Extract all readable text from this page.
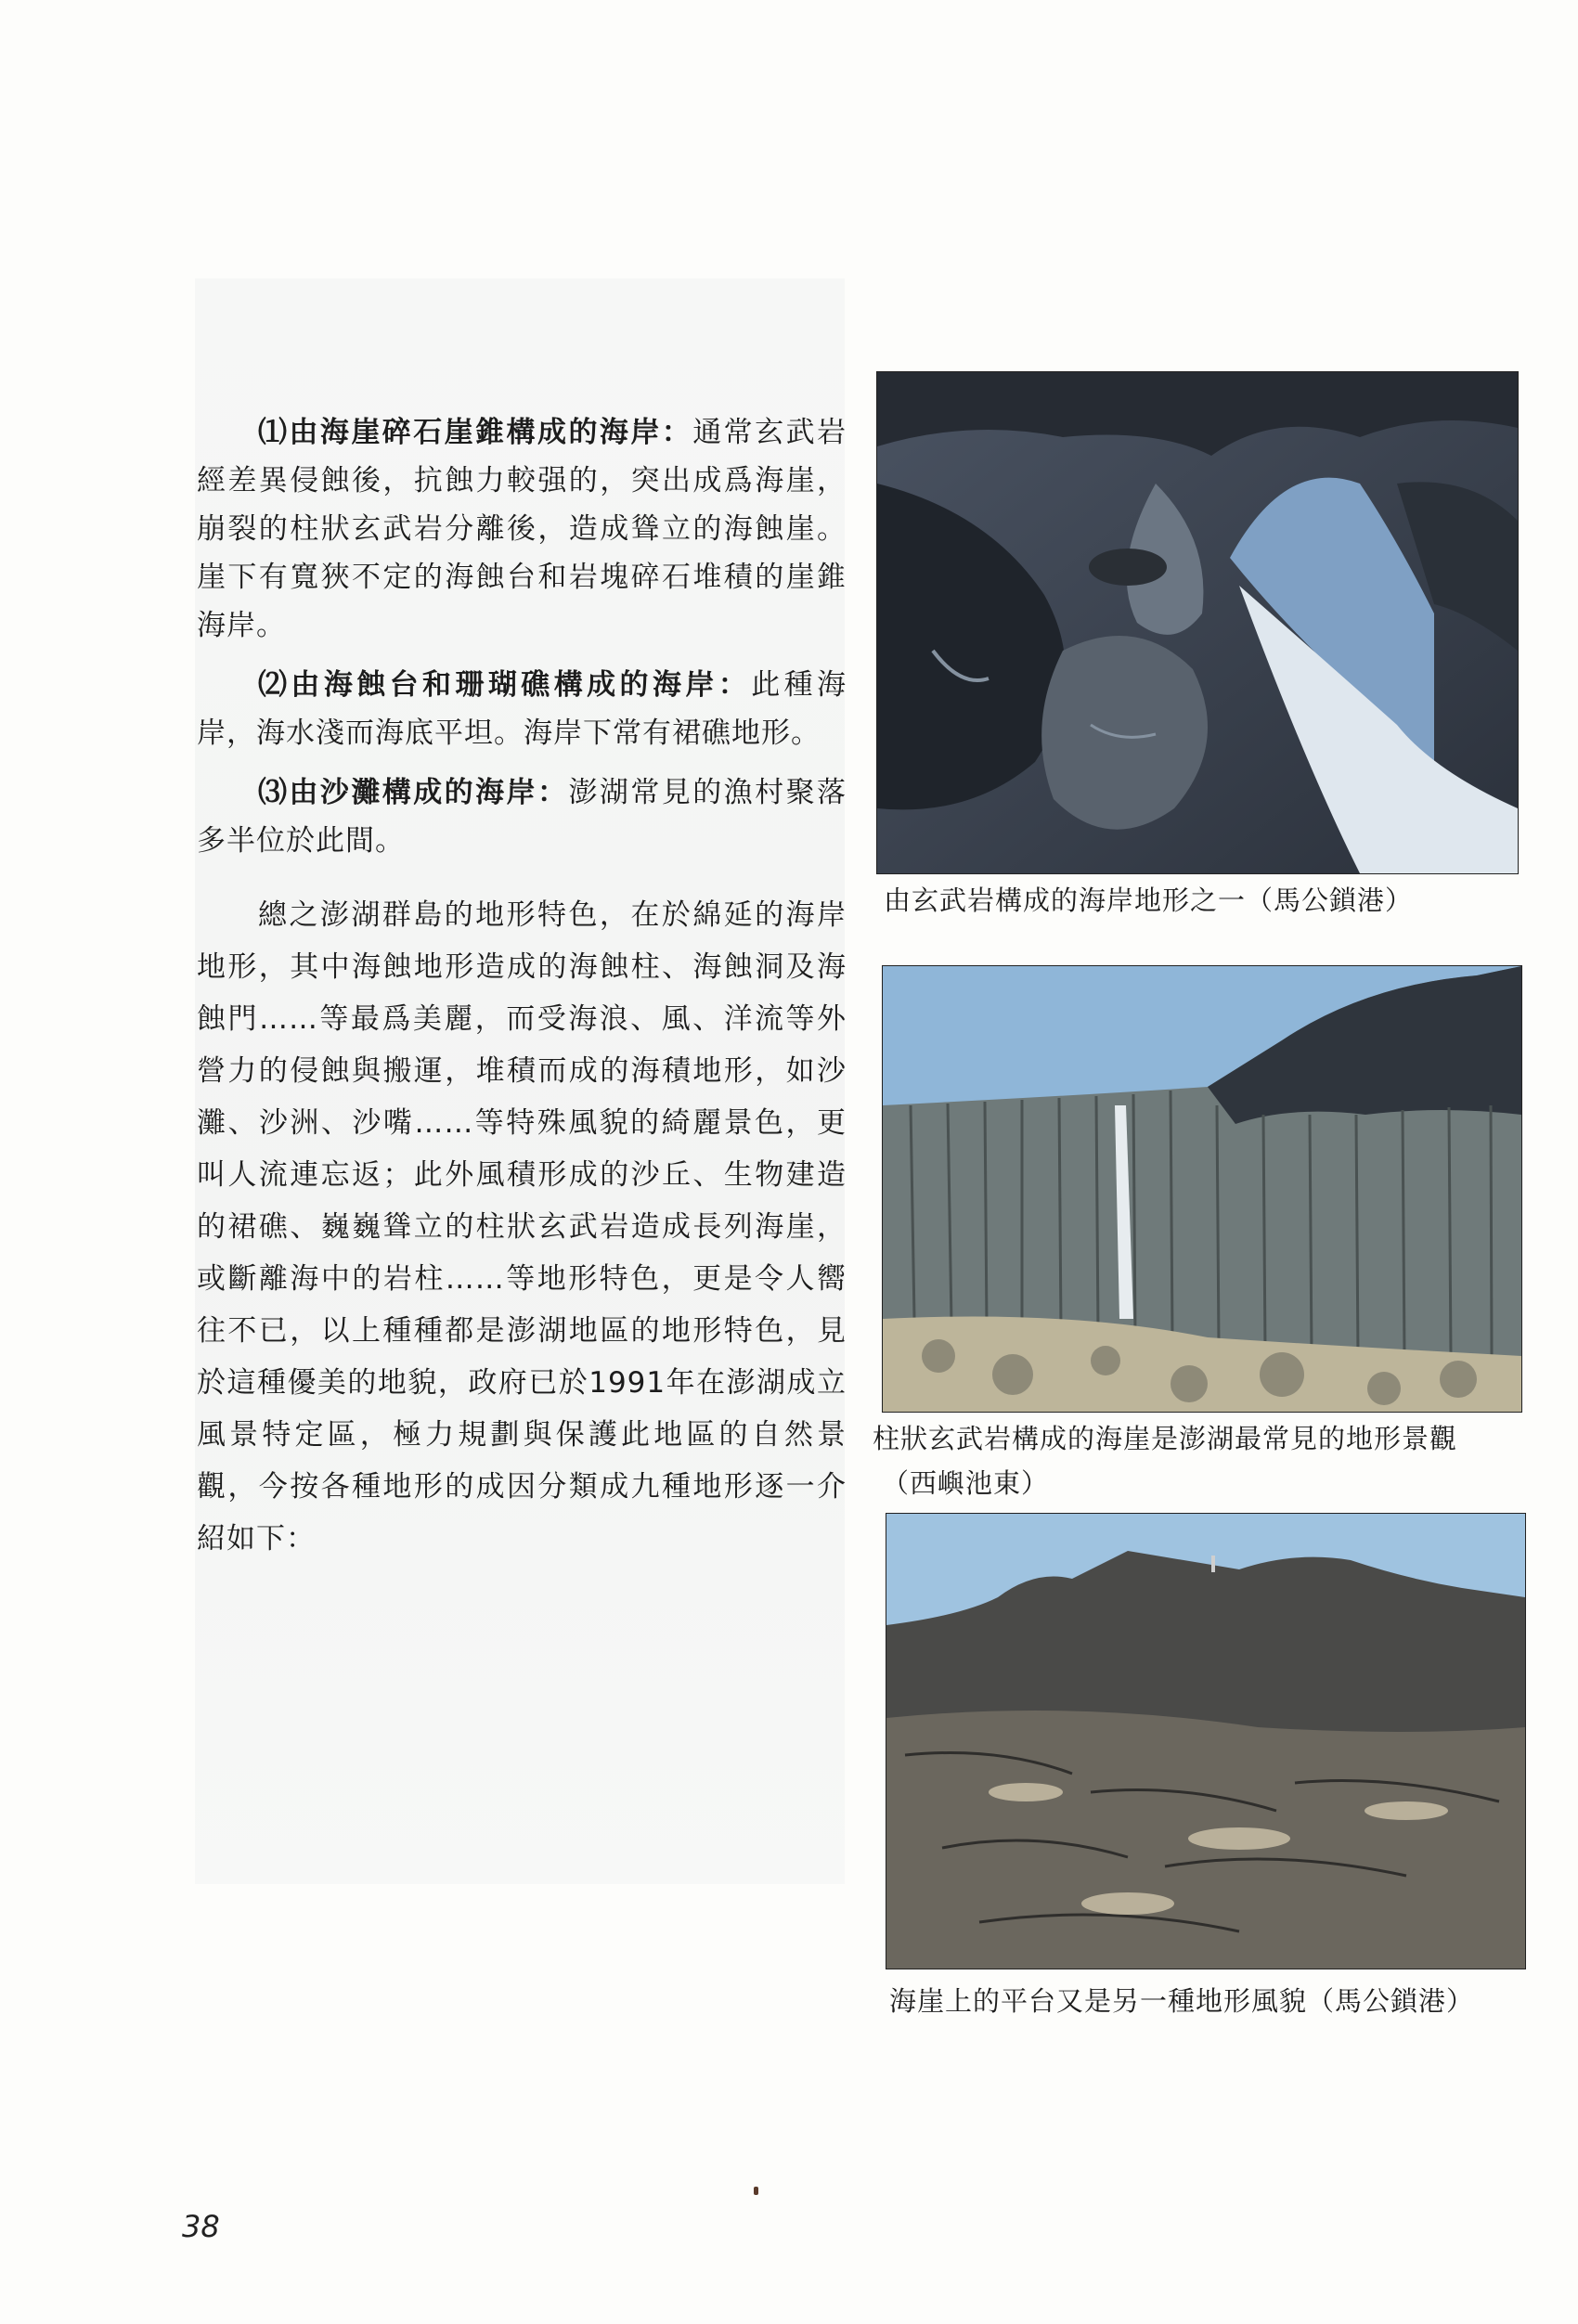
⑴由海崖碎石崖錐構成的海岸：通常玄武岩經差異侵蝕後，抗蝕力較强的，突出成爲海崖，崩裂的柱狀玄武岩分離後，造成聳立的海蝕崖。崖下有寬狹不定的海蝕台和岩塊碎石堆積的崖錐海岸。

⑵由海蝕台和珊瑚礁構成的海岸：此種海岸，海水淺而海底平坦。海岸下常有裙礁地形。

⑶由沙灘構成的海岸：澎湖常見的漁村聚落多半位於此間。

總之澎湖群島的地形特色，在於綿延的海岸地形，其中海蝕地形造成的海蝕柱、海蝕洞及海蝕門……等最爲美麗，而受海浪、風、洋流等外營力的侵蝕與搬運，堆積而成的海積地形，如沙灘、沙洲、沙嘴……等特殊風貌的綺麗景色，更叫人流連忘返；此外風積形成的沙丘、生物建造的裙礁、巍巍聳立的柱狀玄武岩造成長列海崖，或斷離海中的岩柱……等地形特色，更是令人嚮往不已，以上種種都是澎湖地區的地形特色，見於這種優美的地貌，政府已於1991年在澎湖成立風景特定區，極力規劃與保護此地區的自然景觀，今按各種地形的成因分類成九種地形逐一介紹如下：

由玄武岩構成的海岸地形之一（馬公鎖港）
柱狀玄武岩構成的海崖是澎湖最常見的地形景觀
（西嶼池東）
海崖上的平台又是另一種地形風貌（馬公鎖港）
38
